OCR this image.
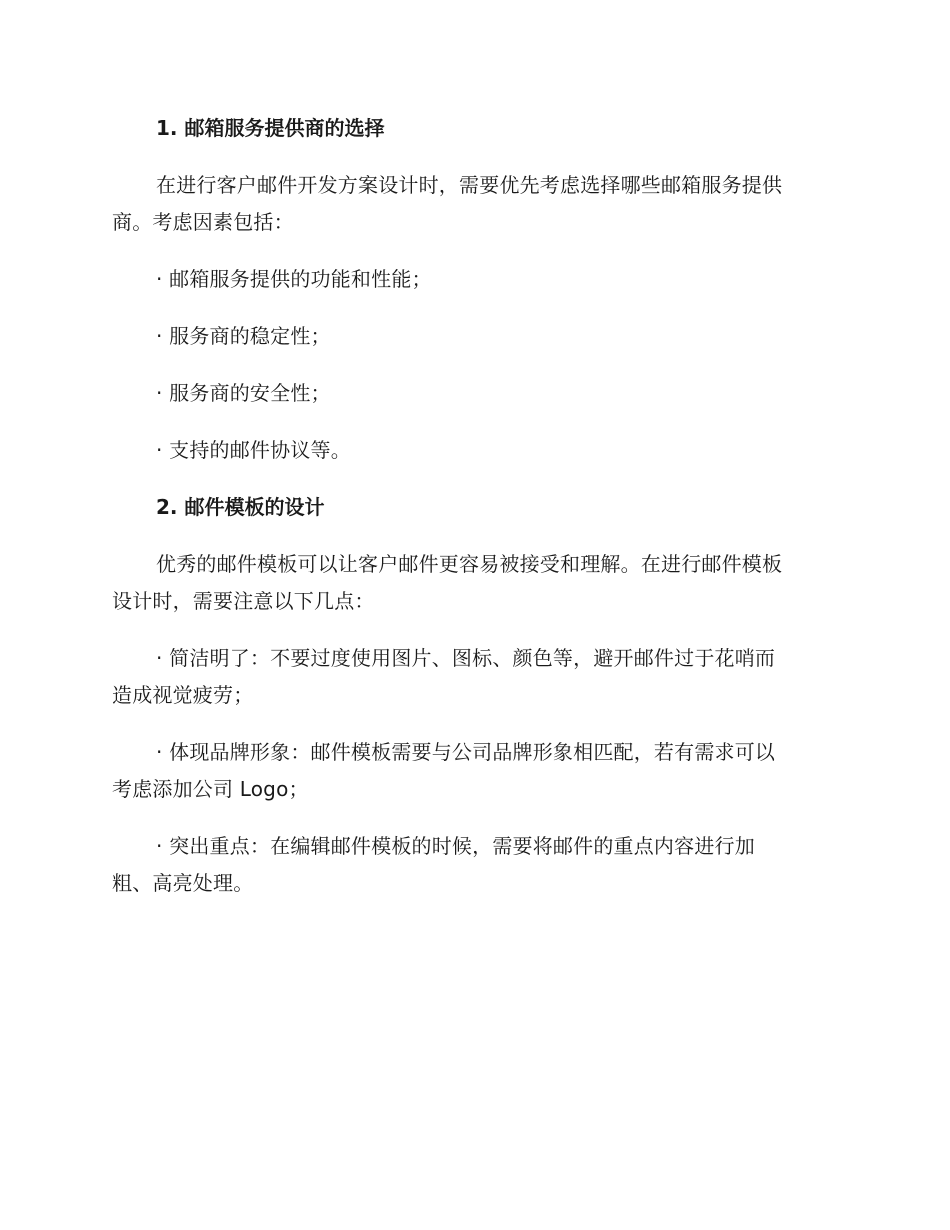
1. 邮箱服务提供商的选择
在进行客户邮件开发方案设计时，需要优先考虑选择哪些邮箱服务提供
商。考虑因素包括：
· 邮箱服务提供的功能和性能；
· 服务商的稳定性；
· 服务商的安全性；
· 支持的邮件协议等。
2. 邮件模板的设计
优秀的邮件模板可以让客户邮件更容易被接受和理解。在进行邮件模板
设计时，需要注意以下几点：
· 简洁明了：不要过度使用图片、图标、颜色等，避开邮件过于花哨而
造成视觉疲劳；
· 体现品牌形象：邮件模板需要与公司品牌形象相匹配，若有需求可以
考虑添加公司 Logo；
· 突出重点：在编辑邮件模板的时候，需要将邮件的重点内容进行加
粗、高亮处理。
